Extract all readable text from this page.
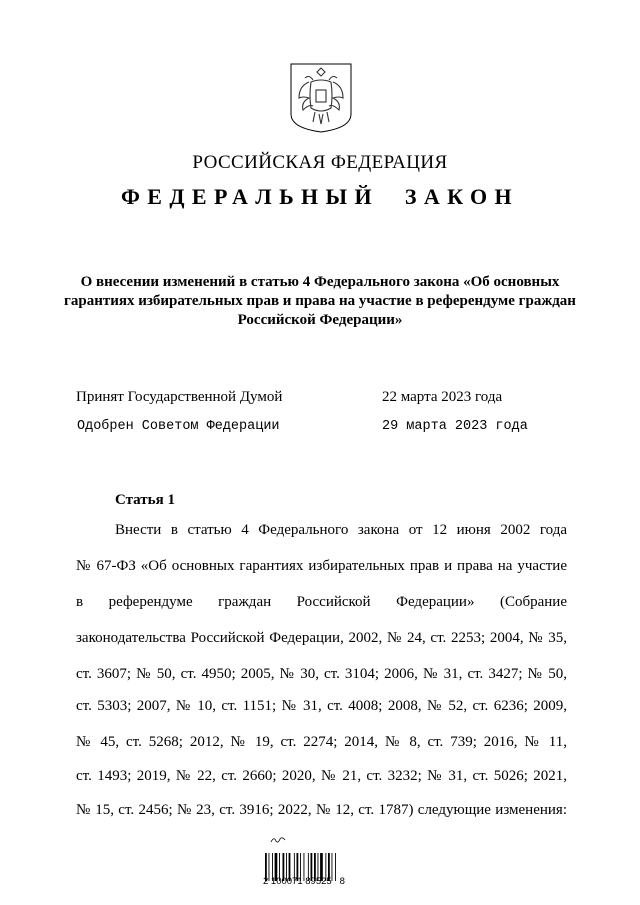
РОССИЙСКАЯ ФЕДЕРАЦИЯ
ФЕДЕРАЛЬНЫЙ  ЗАКОН
О внесении изменений в статью 4 Федерального закона «Об основных гарантиях избирательных прав и права на участие в референдуме граждан Российской Федерации»
Принят Государственной Думой	22 марта 2023 года
Одобрен Советом Федерации	29 марта 2023 года
Статья 1
Внести в статью 4 Федерального закона от 12 июня 2002 года
№ 67-ФЗ «Об основных гарантиях избирательных прав и права на участие
в референдуме граждан Российской Федерации» (Собрание
законодательства Российской Федерации, 2002, № 24, ст. 2253; 2004, № 35,
ст. 3607; № 50, ст. 4950; 2005, № 30, ст. 3104; 2006, № 31, ст. 3427; № 50,
ст. 5303; 2007, № 10, ст. 1151; № 31, ст. 4008; 2008, № 52, ст. 6236; 2009,
№ 45, ст. 5268; 2012, № 19, ст. 2274; 2014, № 8, ст. 739; 2016, № 11,
ст. 1493; 2019, № 22, ст. 2660; 2020, № 21, ст. 3232; № 31, ст. 5026; 2021,
№ 15, ст. 2456; № 23, ст. 3916; 2022, № 12, ст. 1787) следующие изменения:
2 100071 89525   8
